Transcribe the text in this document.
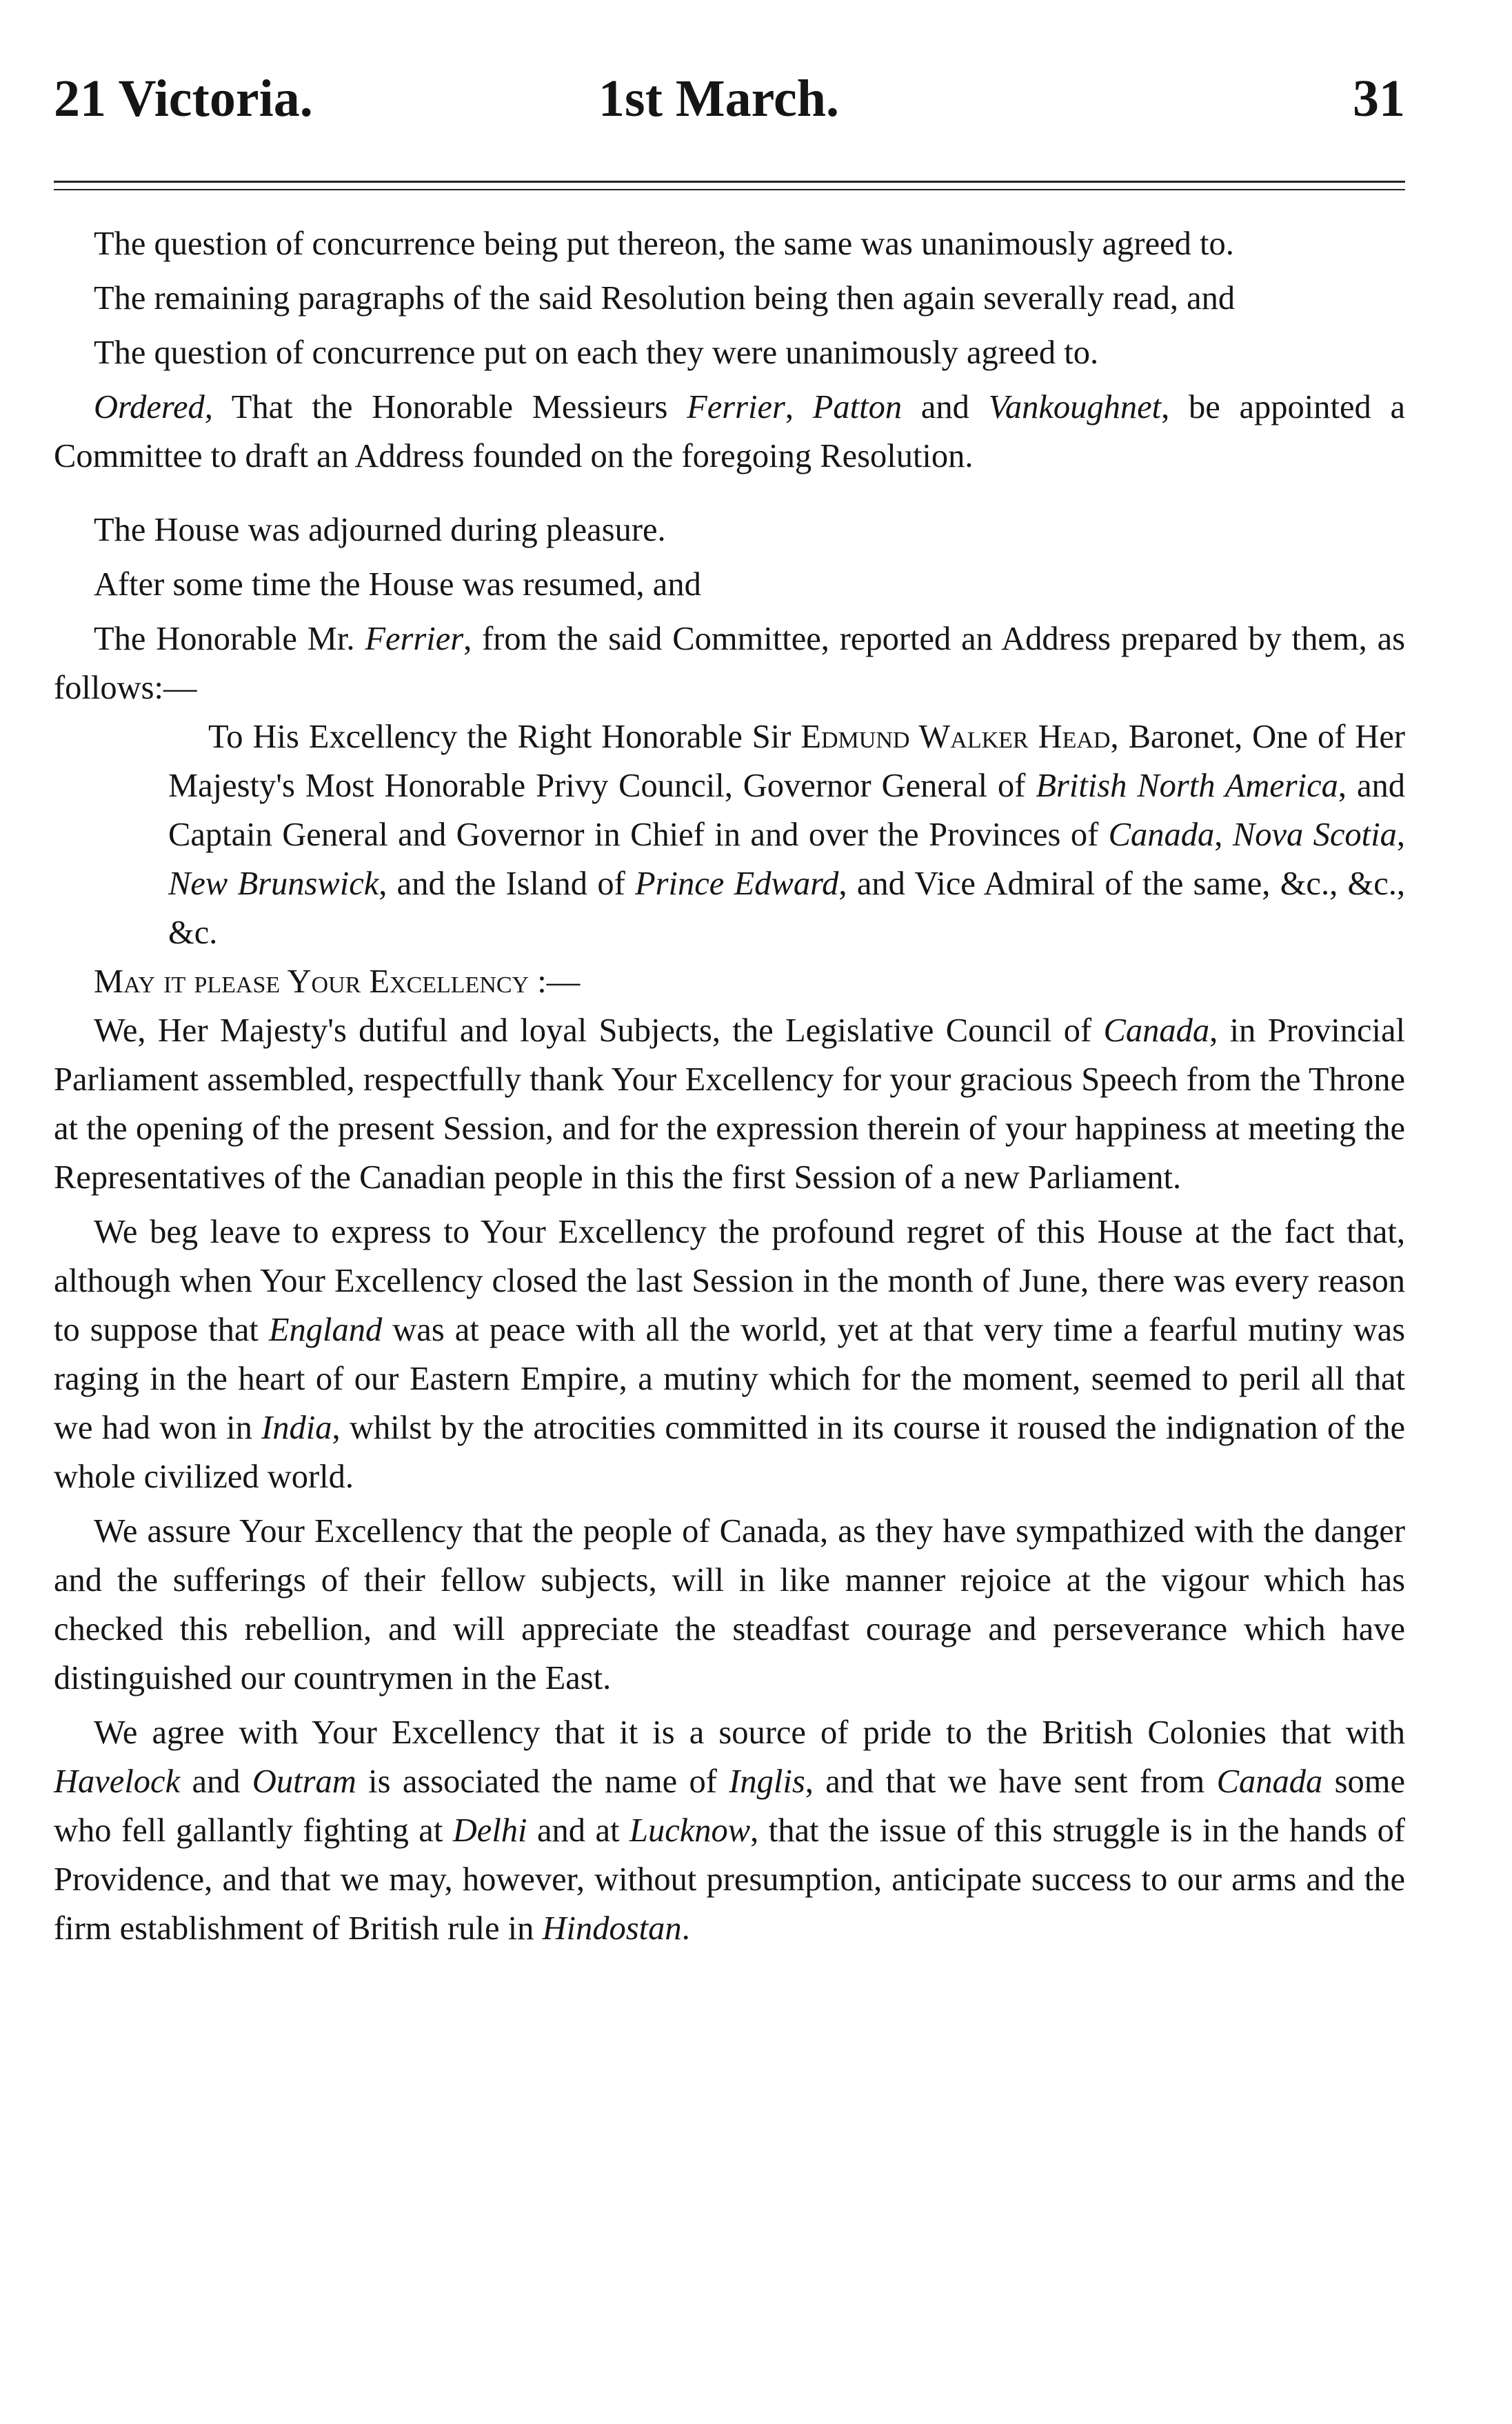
21 Victoria.	1st March.	31

The question of concurrence being put thereon, the same was unanimously agreed to.

The remaining paragraphs of the said Resolution being then again severally read, and

The question of concurrence put on each they were unanimously agreed to.

Ordered, That the Honorable Messieurs Ferrier, Patton and Vankoughnet, be appointed a Committee to draft an Address founded on the foregoing Resolution.

The House was adjourned during pleasure.

After some time the House was resumed, and

The Honorable Mr. Ferrier, from the said Committee, reported an Address prepared by them, as follows:—

To His Excellency the Right Honorable Sir Edmund Walker Head, Baronet, One of Her Majesty's Most Honorable Privy Council, Governor General of British North America, and Captain General and Governor in Chief in and over the Provinces of Canada, Nova Scotia, New Brunswick, and the Island of Prince Edward, and Vice Admiral of the same, &c., &c., &c.

May it please Your Excellency :—

We, Her Majesty's dutiful and loyal Subjects, the Legislative Council of Canada, in Provincial Parliament assembled, respectfully thank Your Excellency for your gracious Speech from the Throne at the opening of the present Session, and for the expression therein of your happiness at meeting the Representatives of the Canadian people in this the first Session of a new Parliament.

We beg leave to express to Your Excellency the profound regret of this House at the fact that, although when Your Excellency closed the last Session in the month of June, there was every reason to suppose that England was at peace with all the world, yet at that very time a fearful mutiny was raging in the heart of our Eastern Empire, a mutiny which for the moment, seemed to peril all that we had won in India, whilst by the atrocities committed in its course it roused the indignation of the whole civilized world.

We assure Your Excellency that the people of Canada, as they have sympathized with the danger and the sufferings of their fellow subjects, will in like manner rejoice at the vigour which has checked this rebellion, and will appreciate the steadfast courage and perseverance which have distinguished our countrymen in the East.

We agree with Your Excellency that it is a source of pride to the British Colonies that with Havelock and Outram is associated the name of Inglis, and that we have sent from Canada some who fell gallantly fighting at Delhi and at Lucknow, that the issue of this struggle is in the hands of Providence, and that we may, however, without presumption, anticipate success to our arms and the firm establishment of British rule in Hindostan.
